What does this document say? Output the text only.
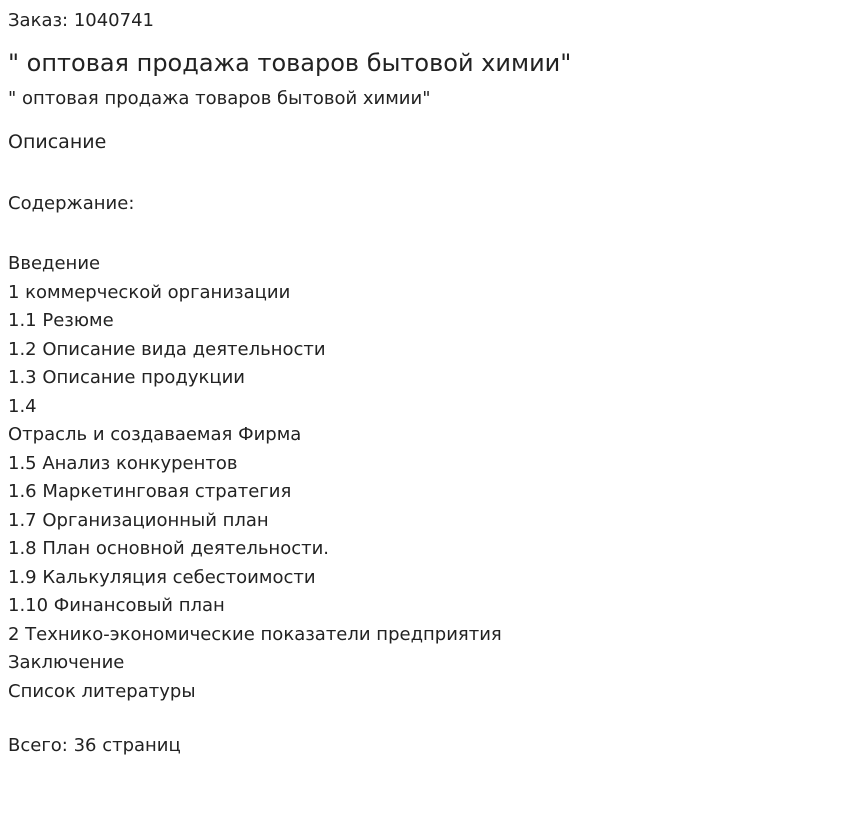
Заказ: 1040741
" оптовая продажа товаров бытовой химии"
" оптовая продажа товаров бытовой химии"
Описание
Содержание:
Введение
1 коммерческой организации
1.1 Резюме
1.2 Описание вида деятельности
1.3 Описание продукции
1.4
Отрасль и создаваемая Фирма
1.5 Анализ конкурентов
1.6 Маркетинговая стратегия
1.7 Организационный план
1.8 План основной деятельности.
1.9 Калькуляция себестоимости
1.10 Финансовый план
2 Технико-экономические показатели предприятия
Заключение
Список литературы
Всего: 36 страниц
